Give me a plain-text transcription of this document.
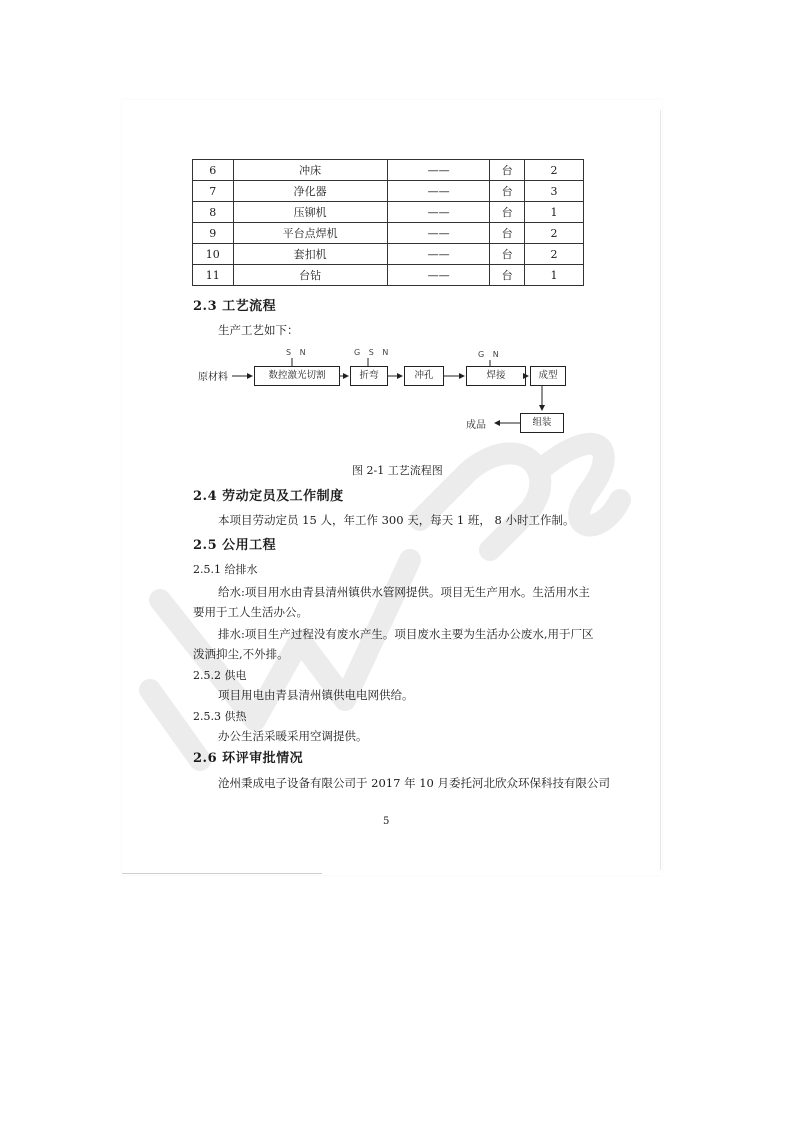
6	冲床	——	台	2
7	净化器	——	台	3
8	压铆机	——	台	1
9	平台点焊机	——	台	2
10	套扣机	——	台	2
11	台钻	——	台	1
2.3 工艺流程
生产工艺如下：
S N	G S N	G N
原材料	数控激光切割	折弯	冲孔	焊接	成型
组装
成品
图 2-1 工艺流程图
2.4 劳动定员及工作制度
本项目劳动定员 15 人，年工作 300 天，每天 1 班， 8 小时工作制。
2.5 公用工程
2.5.1 给排水
给水:项目用水由青县清州镇供水管网提供。项目无生产用水。生活用水主
要用于工人生活办公。
排水:项目生产过程没有废水产生。项目废水主要为生活办公废水,用于厂区
泼洒抑尘,不外排。
2.5.2 供电
项目用电由青县清州镇供电电网供给。
2.5.3 供热
办公生活采暖采用空调提供。
2.6 环评审批情况
沧州秉成电子设备有限公司于 2017 年 10 月委托河北欣众环保科技有限公司
5
